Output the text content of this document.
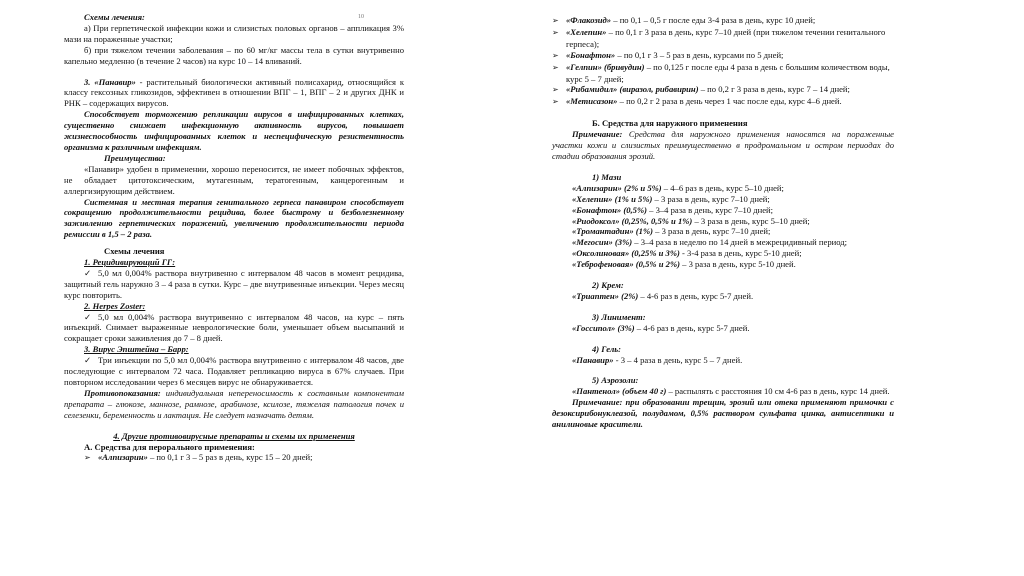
10

Схемы лечения:

а) При герпетической инфекции кожи и слизистых половых органов – аппликация 3% мази на пораженные участки;

б) при тяжелом течении заболевания – по 60 мг/кг массы тела в сутки внутривенно капельно медленно (в течение 2 часов) на курс 10 – 14 вливаний.

3. «Панавир» - растительный биологически активный полисахарид, относящийся к классу гексозных гликозидов, эффективен в отношении ВПГ – 1, ВПГ – 2 и других ДНК и РНК – содержащих вирусов.

Способствует торможению репликации вирусов в инфицированных клетках, существенно снижает инфекционную активность вирусов, повышает жизнеспособность инфицированных клеток и неспецифическую резистентность организма к различным инфекциям.

Преимущества:

«Панавир» удобен в применении, хорошо переносится, не имеет побочных эффектов, не обладает цитотоксическим, мутагенным, тератогенным, канцерогенным и аллергизирующим действием.

Системная и местная терапия генитального герпеса панавиром способствует сокращению продолжительности рецидива, более быстрому и безболезненному заживлению герпетических поражений, увеличению продолжительности периода ремиссии в 1,5 – 2 раза.

Схемы лечения

1. Рецидивирующий ГГ:

✓ 5,0 мл 0,004% раствора внутривенно с интервалом 48 часов в момент рецидива, защитный гель наружно 3 – 4 раза в сутки. Курс – две внутривенные инъекции. Через месяц курс повторить.

2. Herpes Zoster:

✓ 5,0 мл 0,004% раствора внутривенно с интервалом 48 часов, на курс – пять инъекций. Снимает выраженные неврологические боли, уменьшает объем высыпаний и сокращает сроки заживления до 7 – 8 дней.

3. Вирус Эпштейна – Барр:

✓ Три инъекции по 5,0 мл 0,004% раствора внутривенно с интервалом 48 часов, две последующие с интервалом 72 часа. Подавляет репликацию вируса в 67% случаев. При повторном исследовании через 6 месяцев вирус не обнаруживается.

Противопоказания: индивидуальная непереносимость к составным компонентам препарата – глюкозе, маннозе, рамнозе, арабинозе, ксилозе, тяжелая патология почек и селезенки, беременность и лактация. Не следует назначать детям.

4. Другие противовирусные препараты и схемы их применения

А. Средства для перорального применения:

➢ «Алпизарин» – по 0,1 г 3 – 5 раз в день, курс 15 – 20 дней;

➢ «Флакозид» – по 0,1 – 0,5 г после еды 3-4 раза в день, курс 10 дней;

➢ «Хелепин» – по 0,1 г 3 раза в день, курс 7–10 дней (при тяжелом течении генитального герпеса);

➢ «Бонафтон» – по 0,1 г 3 – 5 раз в день, курсами по 5 дней;

➢ «Гелпин» (бривудин) – по 0,125 г после еды 4 раза в день с большим количеством воды, курс 5 – 7 дней;

➢ «Рибамидил» (виразол, рибавирин) – по 0,2 г 3 раза в день, курс 7 – 14 дней;

➢ «Метисазон» – по 0,2 г 2 раза в день через 1 час после еды, курс 4–6 дней.

Б. Средства для наружного применения

Примечание: Средства для наружного применения наносятся на пораженные участки кожи и слизистых преимущественно в продромальном и остром периодах до стадии образования эрозий.

1) Мази

«Алпизарин» (2% и 5%) – 4–6 раз в день, курс 5–10 дней;

«Хелепин» (1% и 5%) – 3 раза в день, курс 7–10 дней;

«Бонафтон» (0,5%) – 3–4 раза в день, курс 7–10 дней;

«Риодоксол» (0,25%, 0,5% и 1%) – 3 раза в день, курс 5–10 дней;

«Тромантадин» (1%) – 3 раза в день, курс 7–10 дней;

«Мегосин» (3%) – 3–4 раза в неделю по 14 дней в межрецидивный период;

«Оксолиновая» (0,25% и 3%) - 3-4 раза в день, курс 5-10 дней;

«Теброфеновая» (0,5% и 2%) – 3 раза в день, курс 5-10 дней.

2) Крем:

«Триаптен» (2%) – 4-6 раз в день, курс 5-7 дней.

3) Линимент:

«Госсипол» (3%) – 4-6 раз в день, курс 5-7 дней.

4) Гель:

«Панавир» - 3 – 4 раза в день, курс 5 – 7 дней.

5) Аэрозоли:

«Пантенол» (объем 40 г) – распылять с расстояния 10 см 4-6 раз в день, курс 14 дней.

Примечание: при образовании трещин, эрозий или отека применяют примочки с дезоксирибонуклеазой, полудамом, 0,5% раствором сульфата цинка, антисептики и анилиновые красители.
